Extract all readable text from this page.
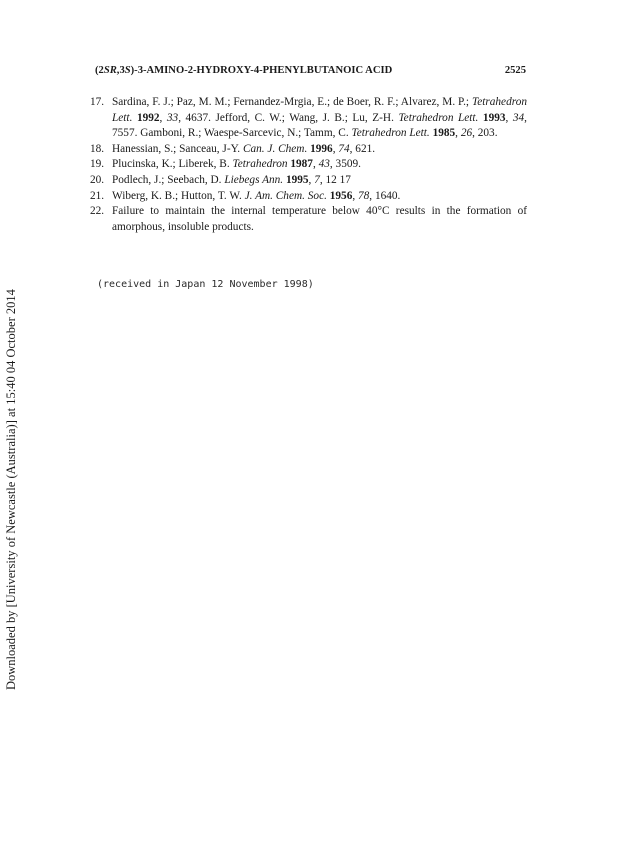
Downloaded by [University of Newcastle (Australia)] at 15:40 04 October 2014
(2SR,3S)-3-AMINO-2-HYDROXY-4-PHENYLBUTANOIC ACID	2525
17. Sardina, F. J.; Paz, M. M.; Fernandez-Mrgia, E.; de Boer, R. F.; Alvarez, M. P.; Tetrahedron Lett. 1992, 33, 4637. Jefford, C. W.; Wang, J. B.; Lu, Z-H. Tetrahedron Lett. 1993, 34, 7557. Gamboni, R.; Waespe-Sarcevic, N.; Tamm, C. Tetrahedron Lett. 1985, 26, 203.
18. Hanessian, S.; Sanceau, J-Y. Can. J. Chem. 1996, 74, 621.
19. Plucinska, K.; Liberek, B. Tetrahedron 1987, 43, 3509.
20. Podlech, J.; Seebach, D. Liebegs Ann. 1995, 7, 12 17
21. Wiberg, K. B.; Hutton, T. W. J. Am. Chem. Soc. 1956, 78, 1640.
22. Failure to maintain the internal temperature below 40°C results in the formation of amorphous, insoluble products.
(received in Japan 12 November 1998)
